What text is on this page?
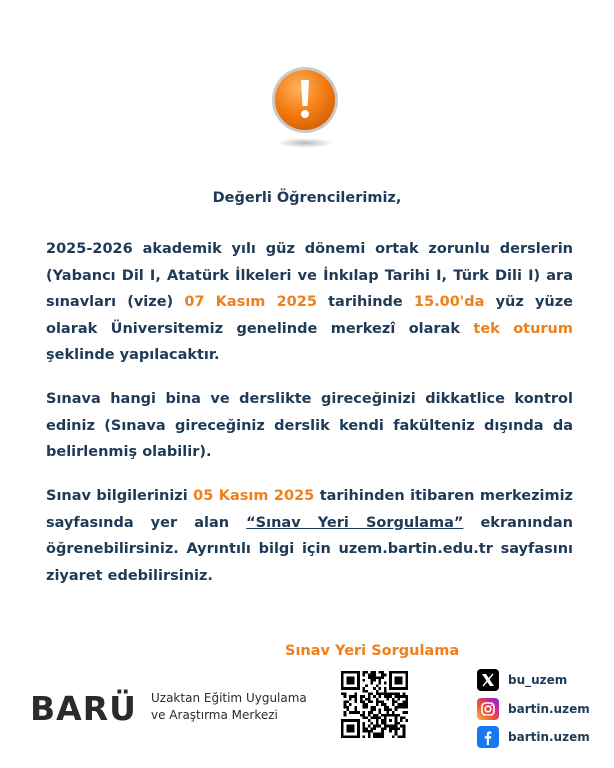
Değerli Öğrencilerimiz,
2025-2026 akademik yılı güz dönemi ortak zorunlu derslerin (Yabancı Dil I, Atatürk İlkeleri ve İnkılap Tarihi I, Türk Dili I) ara sınavları (vize) 07 Kasım 2025 tarihinde 15.00'da yüz yüze olarak Üniversitemiz genelinde merkezî olarak tek oturum şeklinde yapılacaktır.
Sınava hangi bina ve derslikte gireceğinizi dikkatlice kontrol ediniz (Sınava gireceğiniz derslik kendi fakülteniz dışında da belirlenmiş olabilir).
Sınav bilgilerinizi 05 Kasım 2025 tarihinden itibaren merkezimiz sayfasında yer alan “Sınav Yeri Sorgulama” ekranından öğrenebilirsiniz. Ayrıntılı bilgi için uzem.bartin.edu.tr sayfasını ziyaret edebilirsiniz.
Sınav Yeri Sorgulama
BARÜ Uzaktan Eğitim Uygulama
ve Araştırma Merkezi
bu_uzem
bartin.uzem
bartin.uzem
